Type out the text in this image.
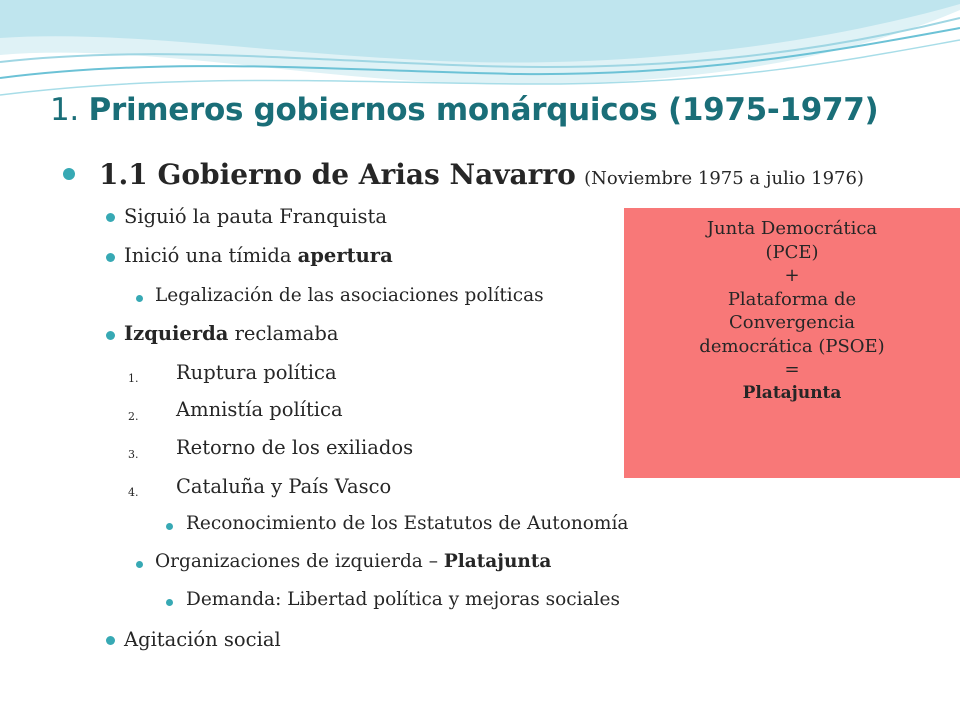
1. Primeros gobiernos monárquicos (1975-1977)
1.1 Gobierno de Arias Navarro (Noviembre 1975 a julio 1976)
Siguió la pauta Franquista
Inició una tímida apertura
Legalización de las asociaciones políticas
Izquierda reclamaba
1. Ruptura política
2. Amnistía política
3. Retorno de los exiliados
4. Cataluña y País Vasco
Reconocimiento de los Estatutos de Autonomía
Organizaciones de izquierda – Platajunta
Demanda: Libertad política y mejoras sociales
Agitación social
Junta Democrática
(PCE)
+
Plataforma de
Convergencia
democrática (PSOE)
=
Platajunta
